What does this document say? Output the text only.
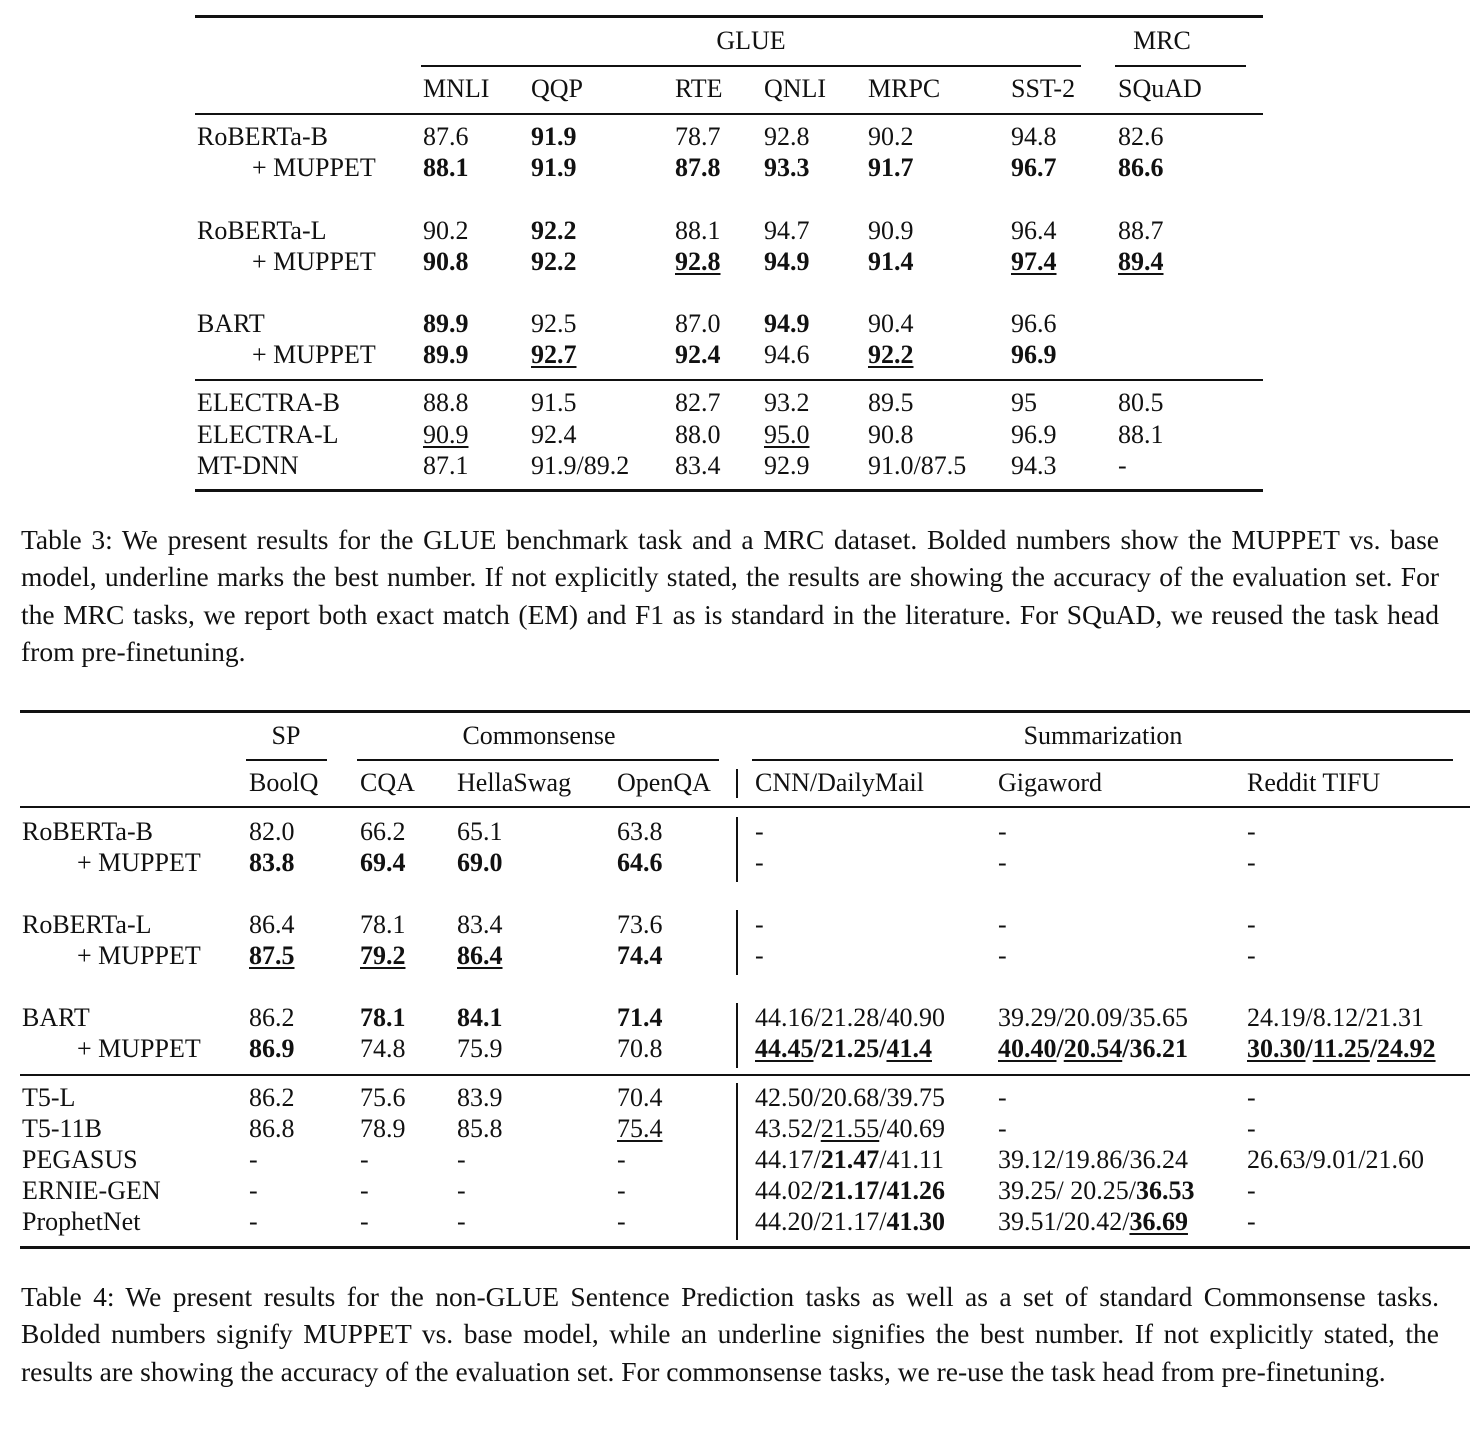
GLUE	MRC
MNLI QQP	RTE QNLI MRPC	SST-2 SQuAD
RoBERTa-B	87.6 91.9	78.7 92.8 90.2	94.8 82.6
+ MUPPET 88.1 91.9	87.8 93.3 91.7	96.7 86.6
RoBERTa-L	90.2 92.2	88.1 94.7 90.9	96.4 88.7
+ MUPPET 90.8 92.2	92.8 94.9 91.4	97.4 89.4
BART	89.9 92.5	87.0 94.9 90.4	96.6
+ MUPPET 89.9 92.7	92.4 94.6 92.2	96.9
ELECTRA-B	88.8 91.5	82.7 93.2 89.5	95	80.5
ELECTRA-L	90.9 92.4	88.0 95.0 90.8	96.9 88.1
MT-DNN	87.1 91.9/89.2 83.4 92.9 91.0/87.5 94.3 -
Table 3: We present results for the GLUE benchmark task and a MRC dataset. Bolded numbers show the MUPPET vs. base model, underline marks the best number. If not explicitly stated, the results are showing the accuracy of the evaluation set. For the MRC tasks, we report both exact match (EM) and F1 as is standard in the literature. For SQuAD, we reused the task head from pre-finetuning.
SP	Commonsense	Summarization
BoolQ CQA HellaSwag OpenQA CNN/DailyMail	Gigaword	Reddit TIFU
RoBERTa-B	82.0	66.2 65.1	63.8	-	-	-
+ MUPPET 83.8	69.4 69.0	64.6	-	-	-
RoBERTa-L	86.4	78.1 83.4	73.6	-	-	-
+ MUPPET 87.5	79.2 86.4	74.4	-	-	-
BART	86.2	78.1 84.1	71.4	44.16/21.28/40.90 39.29/20.09/35.65 24.19/8.12/21.31
+ MUPPET 86.9	74.8 75.9	70.8	44.45/21.25/41.4	40.40/20.54/36.21 30.30/11.25/24.92
T5-L	86.2	75.6 83.9	70.4	42.50/20.68/39.75 -	-
T5-11B	86.8	78.9 85.8	75.4	43.52/21.55/40.69 -	-
PEGASUS	-	-	-	-	44.17/21.47/41.11 39.12/19.86/36.24 26.63/9.01/21.60
ERNIE-GEN	-	-	-	-	44.02/21.17/41.26 39.25/ 20.25/36.53 -
ProphetNet	-	-	-	-	44.20/21.17/41.30 39.51/20.42/36.69 -
Table 4: We present results for the non-GLUE Sentence Prediction tasks as well as a set of standard Commonsense tasks. Bolded numbers signify MUPPET vs. base model, while an underline signifies the best number. If not explicitly stated, the results are showing the accuracy of the evaluation set. For commonsense tasks, we re-use the task head from pre-finetuning.
